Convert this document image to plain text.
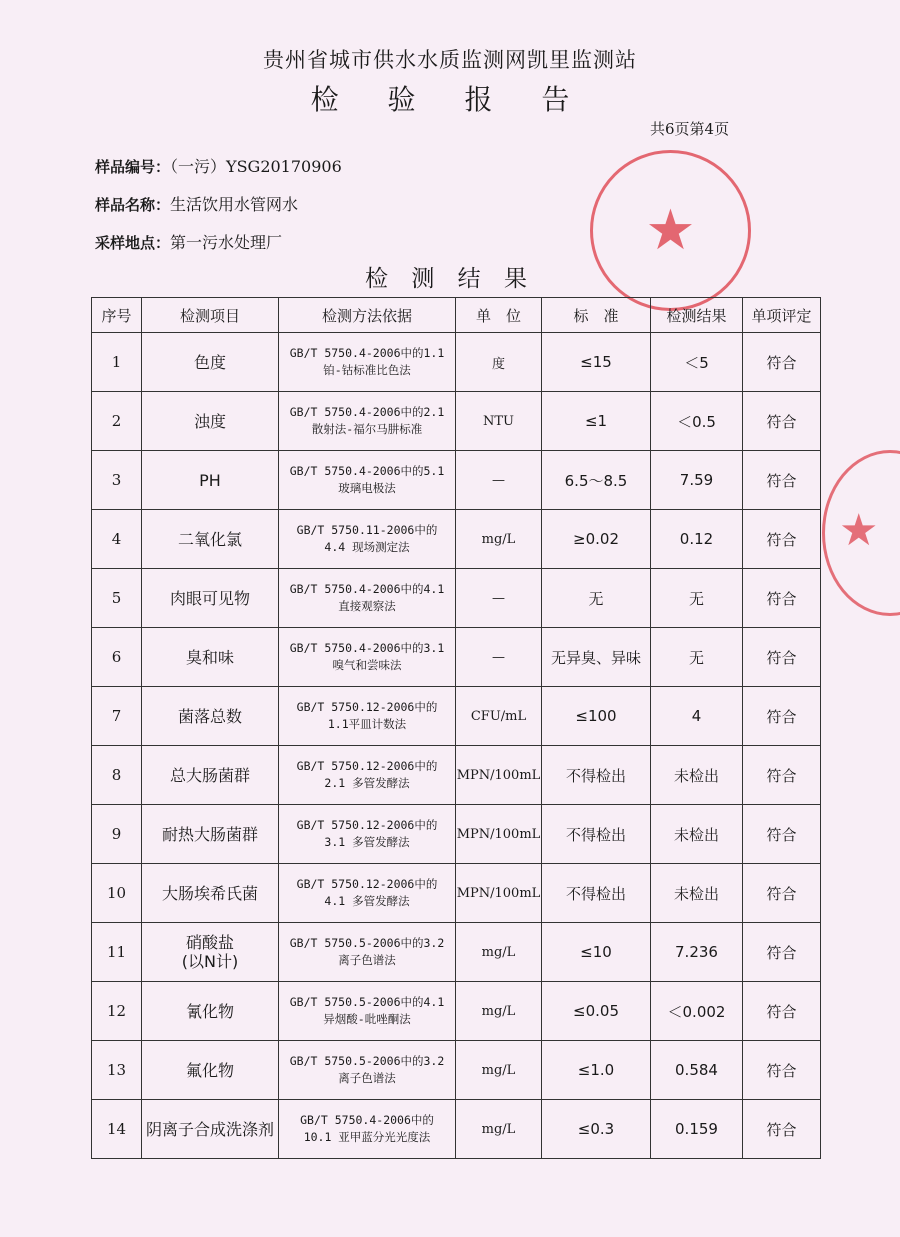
贵州省城市供水水质监测网凯里监测站
检 验 报 告
共6页第4页
样品编号：（一污）YSG20170906
样品名称：生活饮用水管网水
采样地点：第一污水处理厂	★
★
检 测 结 果
序号	检测项目	检测方法依据	单　位	标　准	检测结果	单项评定
1	色度	GB/T 5750.4-2006中的1.1
铂-钴标准比色法	度	≤15	＜5	符合
2	浊度	GB/T 5750.4-2006中的2.1
散射法-福尔马肼标准	NTU	≤1	＜0.5	符合
3	PH	GB/T 5750.4-2006中的5.1
玻璃电极法	—	6.5～8.5	7.59	符合
4	二氧化氯	GB/T 5750.11-2006中的
4.4 现场测定法	mg/L	≥0.02	0.12	符合
5	肉眼可见物	GB/T 5750.4-2006中的4.1
直接观察法	—	无	无	符合
6	臭和味	GB/T 5750.4-2006中的3.1
嗅气和尝味法	—	无异臭、异味	无	符合
7	菌落总数	GB/T 5750.12-2006中的
1.1平皿计数法	CFU/mL	≤100	4	符合
8	总大肠菌群	GB/T 5750.12-2006中的
2.1 多管发酵法	MPN/100mL	不得检出	未检出	符合
9	耐热大肠菌群	GB/T 5750.12-2006中的
3.1 多管发酵法	MPN/100mL	不得检出	未检出	符合
10	大肠埃希氏菌	GB/T 5750.12-2006中的
4.1 多管发酵法	MPN/100mL	不得检出	未检出	符合
11	硝酸盐
(以N计)	GB/T 5750.5-2006中的3.2
离子色谱法	mg/L	≤10	7.236	符合
12	氰化物	GB/T 5750.5-2006中的4.1
异烟酸-吡唑酮法	mg/L	≤0.05	＜0.002	符合
13	氟化物	GB/T 5750.5-2006中的3.2
离子色谱法	mg/L	≤1.0	0.584	符合
14	阴离子合成洗涤剂	GB/T 5750.4-2006中的
10.1 亚甲蓝分光光度法	mg/L	≤0.3	0.159	符合
